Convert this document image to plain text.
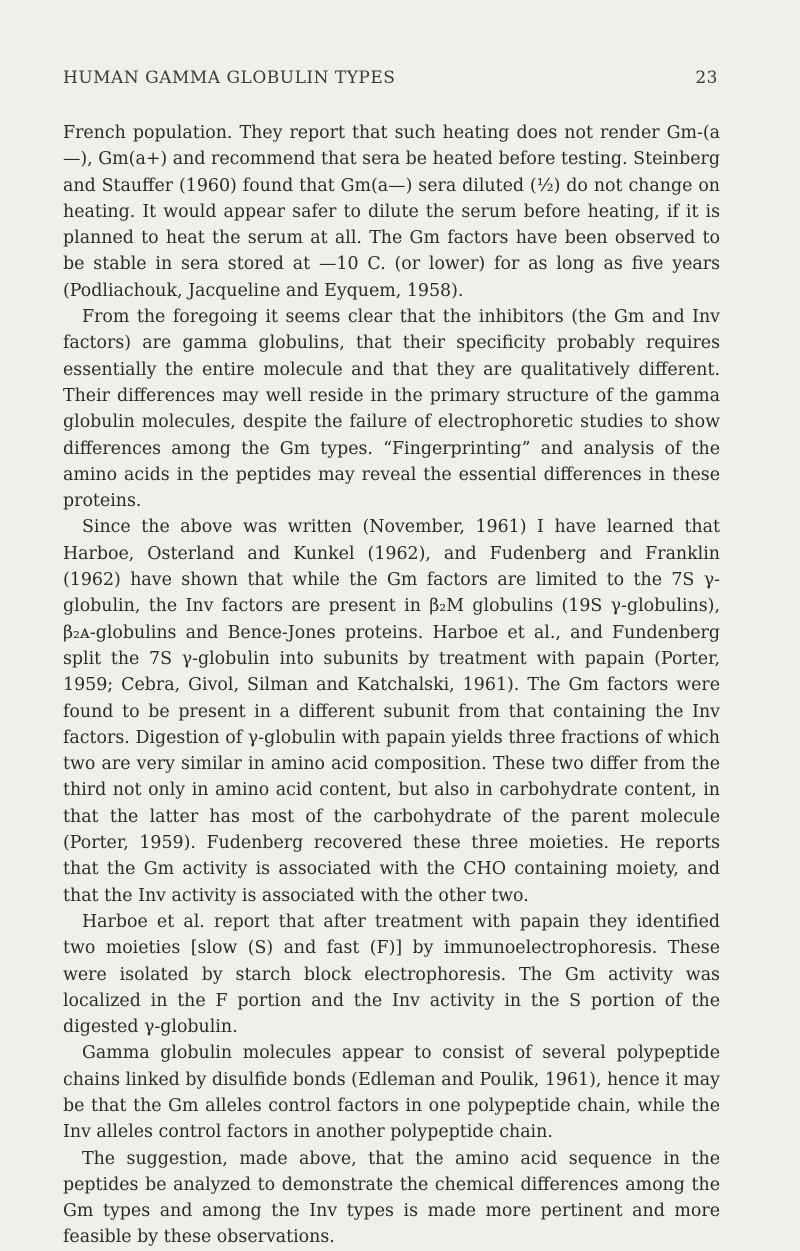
HUMAN GAMMA GLOBULIN TYPES	23

French population. They report that such heating does not render Gm-(a—), Gm(a+) and recommend that sera be heated before testing. Steinberg and Stauffer (1960) found that Gm(a—) sera diluted (½) do not change on heating. It would appear safer to dilute the serum before heating, if it is planned to heat the serum at all. The Gm factors have been observed to be stable in sera stored at —10 C. (or lower) for as long as five years (Podliachouk, Jacqueline and Eyquem, 1958).

From the foregoing it seems clear that the inhibitors (the Gm and Inv factors) are gamma globulins, that their specificity probably requires essentially the entire molecule and that they are qualitatively different. Their differences may well reside in the primary structure of the gamma globulin molecules, despite the failure of electrophoretic studies to show differences among the Gm types. “Fingerprinting” and analysis of the amino acids in the peptides may reveal the essential differences in these proteins.

Since the above was written (November, 1961) I have learned that Harboe, Osterland and Kunkel (1962), and Fudenberg and Franklin (1962) have shown that while the Gm factors are limited to the 7S γ-globulin, the Inv factors are present in β₂M globulins (19S γ-globulins), β₂ᴀ-globulins and Bence-Jones proteins. Harboe et al., and Fundenberg split the 7S γ-globulin into subunits by treatment with papain (Porter, 1959; Cebra, Givol, Silman and Katchalski, 1961). The Gm factors were found to be present in a different subunit from that containing the Inv factors. Digestion of γ-globulin with papain yields three fractions of which two are very similar in amino acid composition. These two differ from the third not only in amino acid content, but also in carbohydrate content, in that the latter has most of the carbohydrate of the parent molecule (Porter, 1959). Fudenberg recovered these three moieties. He reports that the Gm activity is associated with the CHO containing moiety, and that the Inv activity is associated with the other two.

Harboe et al. report that after treatment with papain they identified two moieties [slow (S) and fast (F)] by immunoelectrophoresis. These were isolated by starch block electrophoresis. The Gm activity was localized in the F portion and the Inv activity in the S portion of the digested γ-globulin.

Gamma globulin molecules appear to consist of several polypeptide chains linked by disulfide bonds (Edleman and Poulik, 1961), hence it may be that the Gm alleles control factors in one polypeptide chain, while the Inv alleles control factors in another polypeptide chain.

The suggestion, made above, that the amino acid sequence in the peptides be analyzed to demonstrate the chemical differences among the Gm types and among the Inv types is made more pertinent and more feasible by these observations.
